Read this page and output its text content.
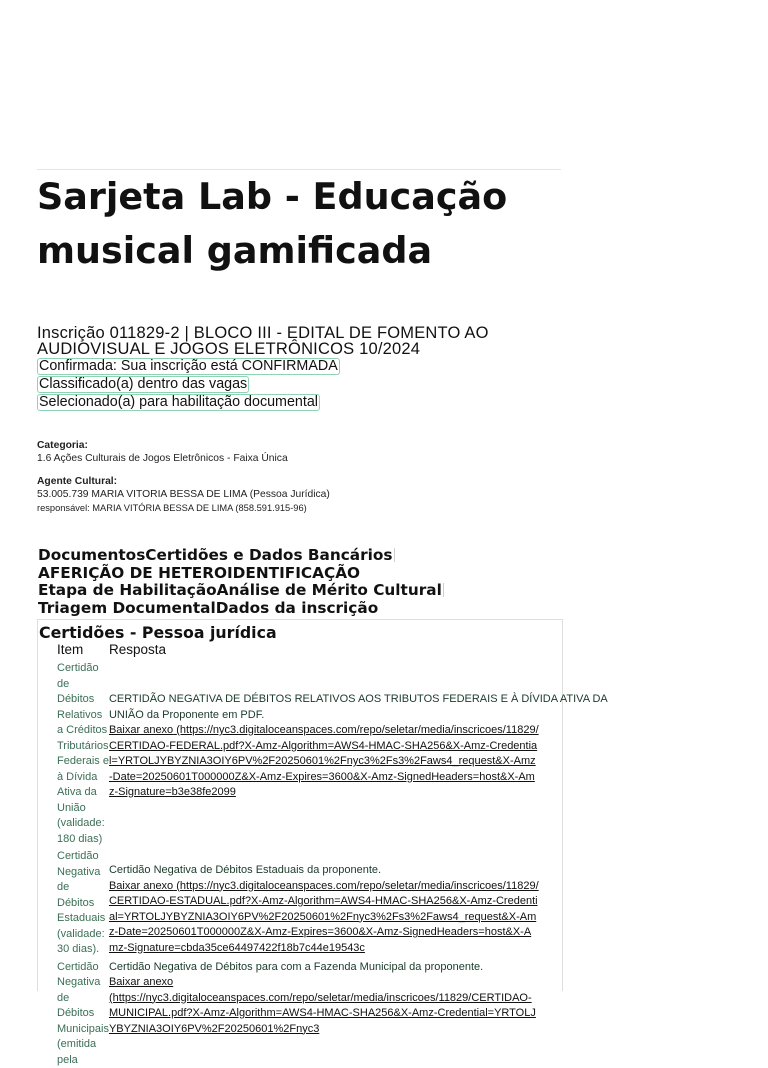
Sarjeta Lab - Educação musical gamificada
Inscrição 011829-2 | BLOCO III - EDITAL DE FOMENTO AO AUDIOVISUAL E JOGOS ELETRÔNICOS 10/2024
Confirmada: Sua inscrição está CONFIRMADA
Classificado(a) dentro das vagas
Selecionado(a) para habilitação documental
Categoria:
1.6 Ações Culturais de Jogos Eletrônicos - Faixa Única
Agente Cultural:
53.005.739 MARIA VITORIA BESSA DE LIMA (Pessoa Jurídica)
responsável: MARIA VITÓRIA BESSA DE LIMA (858.591.915-96)
DocumentosCertidões e Dados Bancários
AFERIÇÃO DE HETEROIDENTIFICAÇÃO
Etapa de HabilitaçãoAnálise de Mérito Cultural
Triagem DocumentalDados da inscrição
Certidões - Pessoa jurídica
Item	Resposta
Certidão de Débitos Relativos a Créditos Tributários Federais e à Dívida Ativa da União (validade: 180 dias)	CERTIDÃO NEGATIVA DE DÉBITOS RELATIVOS AOS TRIBUTOS FEDERAIS E À DÍVIDA ATIVA DA UNIÃO da Proponente em PDF.
Baixar anexo (https://nyc3.digitaloceanspaces.com/repo/seletar/media/inscricoes/11829/CERTIDAO-FEDERAL.pdf?X-Amz-Algorithm=AWS4-HMAC-SHA256&X-Amz-Credential=YRTOLJYBYZNIA3OIY6PV%2F20250601%2Fnyc3%2Fs3%2Faws4_request&X-Amz-Date=20250601T000000Z&X-Amz-Expires=3600&X-Amz-SignedHeaders=host&X-Amz-Signature=b3e38fe2099

Certidão Negativa de Débitos Estaduais (validade: 30 dias).	Certidão Negativa de Débitos Estaduais da proponente.
Baixar anexo (https://nyc3.digitaloceanspaces.com/repo/seletar/media/inscricoes/11829/CERTIDAO-ESTADUAL.pdf?X-Amz-Algorithm=AWS4-HMAC-SHA256&X-Amz-Credential=YRTOLJYBYZNIA3OIY6PV%2F20250601%2Fnyc3%2Fs3%2Faws4_request&X-Amz-Date=20250601T000000Z&X-Amz-Expires=3600&X-Amz-SignedHeaders=host&X-Amz-Signature=cbda35ce64497422f18b7c44e19543c

Certidão Negativa de Débitos Municipais (emitida pela	Certidão Negativa de Débitos para com a Fazenda Municipal da proponente.
Baixar anexo
(https://nyc3.digitaloceanspaces.com/repo/seletar/media/inscricoes/11829/CERTIDAO-MUNICIPAL.pdf?X-Amz-Algorithm=AWS4-HMAC-SHA256&X-Amz-Credential=YRTOLJYBYZNIA3OIY6PV%2F20250601%2Fnyc3
